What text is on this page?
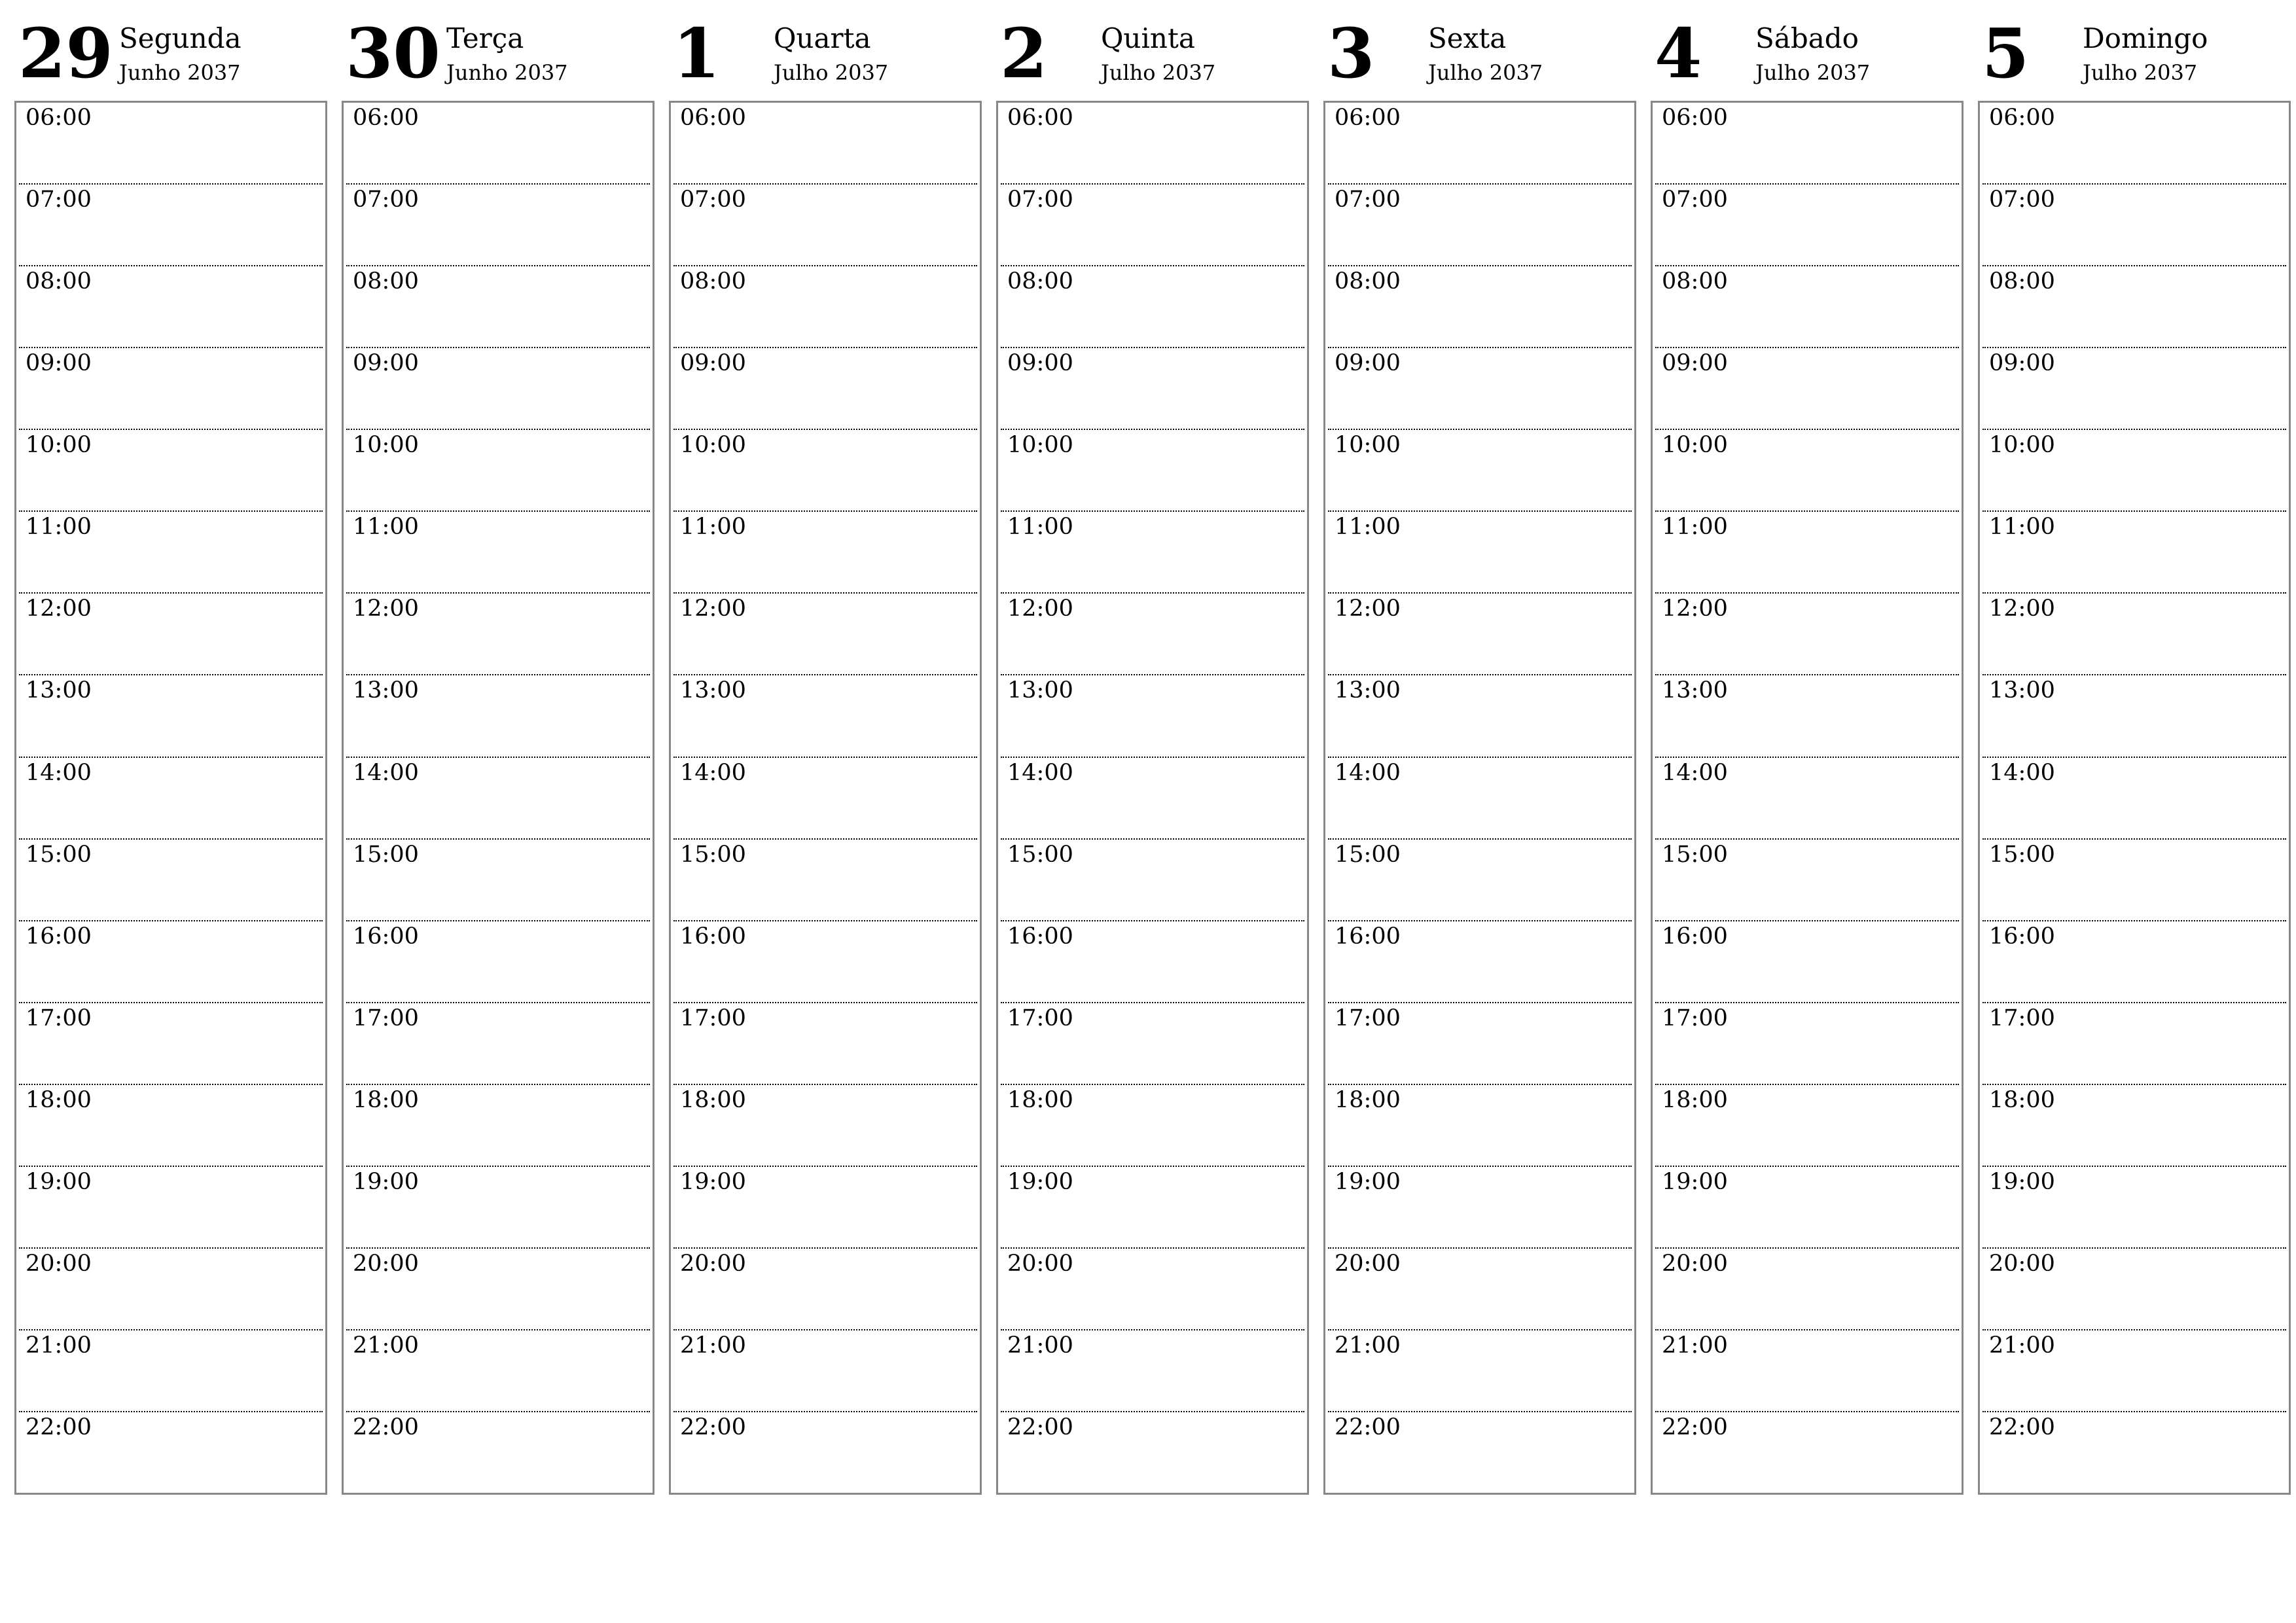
29 Segunda
Junho 2037
06:00
07:00
08:00
09:00
10:00
11:00
12:00
13:00
14:00
15:00
16:00
17:00
18:00
19:00
20:00
21:00
22:00
30 Terça
Junho 2037
06:00
07:00
08:00
09:00
10:00
11:00
12:00
13:00
14:00
15:00
16:00
17:00
18:00
19:00
20:00
21:00
22:00
1 Quarta
Julho 2037
06:00
07:00
08:00
09:00
10:00
11:00
12:00
13:00
14:00
15:00
16:00
17:00
18:00
19:00
20:00
21:00
22:00
2 Quinta
Julho 2037
06:00
07:00
08:00
09:00
10:00
11:00
12:00
13:00
14:00
15:00
16:00
17:00
18:00
19:00
20:00
21:00
22:00
3 Sexta
Julho 2037
06:00
07:00
08:00
09:00
10:00
11:00
12:00
13:00
14:00
15:00
16:00
17:00
18:00
19:00
20:00
21:00
22:00
4 Sábado
Julho 2037
06:00
07:00
08:00
09:00
10:00
11:00
12:00
13:00
14:00
15:00
16:00
17:00
18:00
19:00
20:00
21:00
22:00
5 Domingo
Julho 2037
06:00
07:00
08:00
09:00
10:00
11:00
12:00
13:00
14:00
15:00
16:00
17:00
18:00
19:00
20:00
21:00
22:00
